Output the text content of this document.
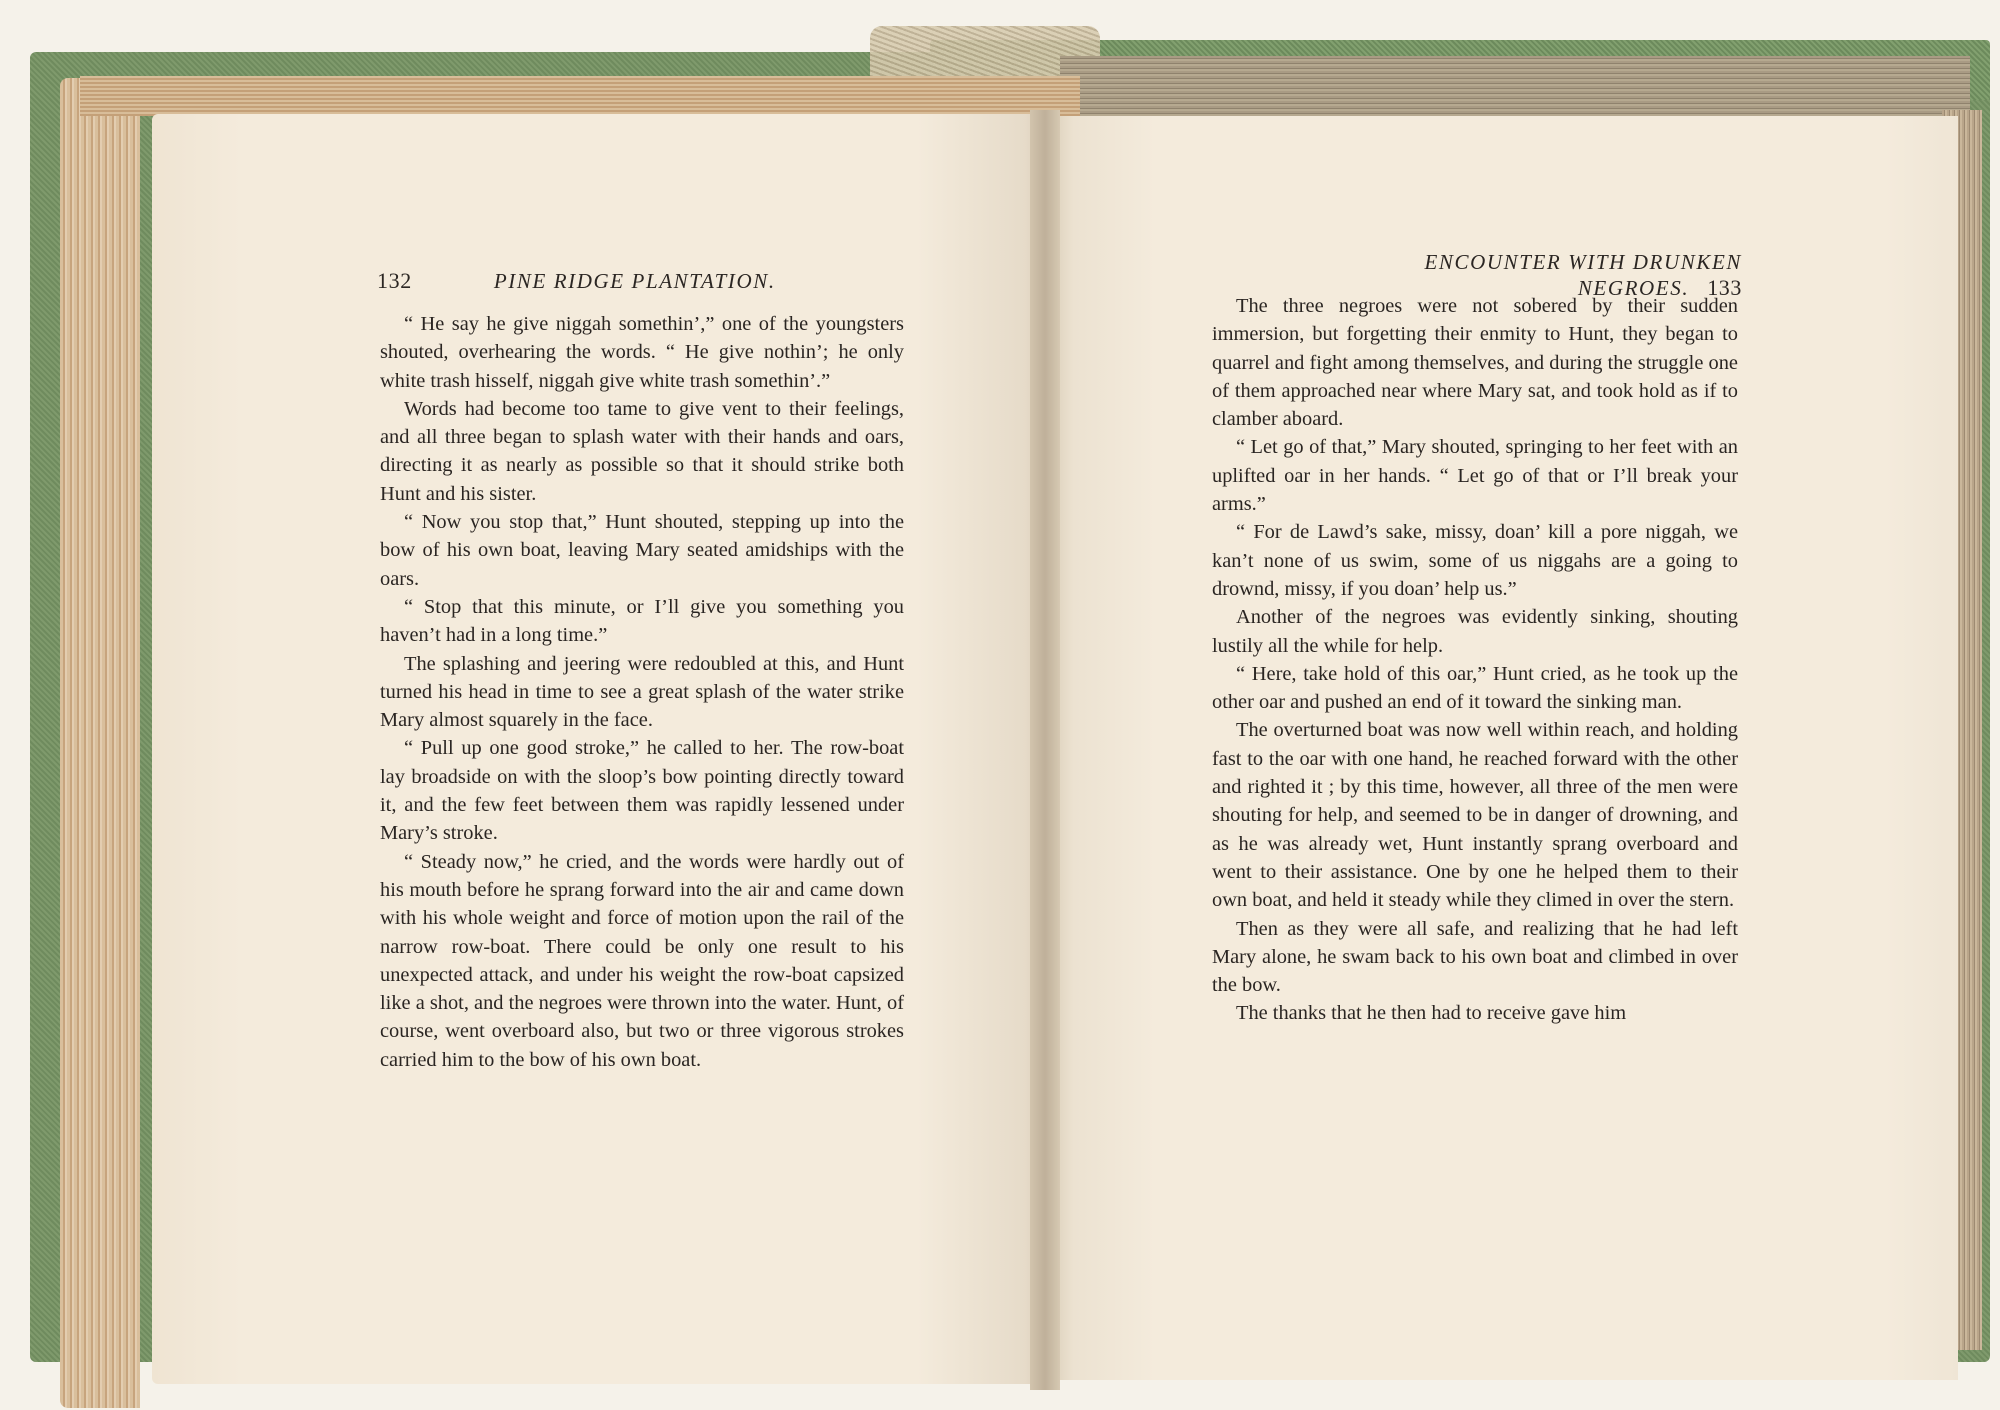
132	PINE RIDGE PLANTATION.
ENCOUNTER WITH DRUNKEN NEGROES. 133

“ He say he give niggah somethin’,” one of the youngsters shouted, overhearing the words. “ He give nothin’; he only white trash hisself, niggah give white trash somethin’.”

Words had become too tame to give vent to their feelings, and all three began to splash water with their hands and oars, directing it as nearly as possible so that it should strike both Hunt and his sister.

“ Now you stop that,” Hunt shouted, stepping up into the bow of his own boat, leaving Mary seated amidships with the oars.

“ Stop that this minute, or I’ll give you something you haven’t had in a long time.”

The splashing and jeering were redoubled at this, and Hunt turned his head in time to see a great splash of the water strike Mary almost squarely in the face.

“ Pull up one good stroke,” he called to her. The row-boat lay broadside on with the sloop’s bow pointing directly toward it, and the few feet between them was rapidly lessened under Mary’s stroke.

“ Steady now,” he cried, and the words were hardly out of his mouth before he sprang forward into the air and came down with his whole weight and force of motion upon the rail of the narrow row-boat. There could be only one result to his unexpected attack, and under his weight the row-boat capsized like a shot, and the negroes were thrown into the water. Hunt, of course, went overboard also, but two or three vigorous strokes carried him to the bow of his own boat.

The three negroes were not sobered by their sudden immersion, but forgetting their enmity to Hunt, they began to quarrel and fight among themselves, and during the struggle one of them approached near where Mary sat, and took hold as if to clamber aboard.

“ Let go of that,” Mary shouted, springing to her feet with an uplifted oar in her hands. “ Let go of that or I’ll break your arms.”

“ For de Lawd’s sake, missy, doan’ kill a pore niggah, we kan’t none of us swim, some of us niggahs are a going to drownd, missy, if you doan’ help us.”

Another of the negroes was evidently sinking, shouting lustily all the while for help.

“ Here, take hold of this oar,” Hunt cried, as he took up the other oar and pushed an end of it toward the sinking man.

The overturned boat was now well within reach, and holding fast to the oar with one hand, he reached forward with the other and righted it ; by this time, however, all three of the men were shouting for help, and seemed to be in danger of drowning, and as he was already wet, Hunt instantly sprang overboard and went to their assistance. One by one he helped them to their own boat, and held it steady while they climed in over the stern.

Then as they were all safe, and realizing that he had left Mary alone, he swam back to his own boat and climbed in over the bow.

The thanks that he then had to receive gave him
